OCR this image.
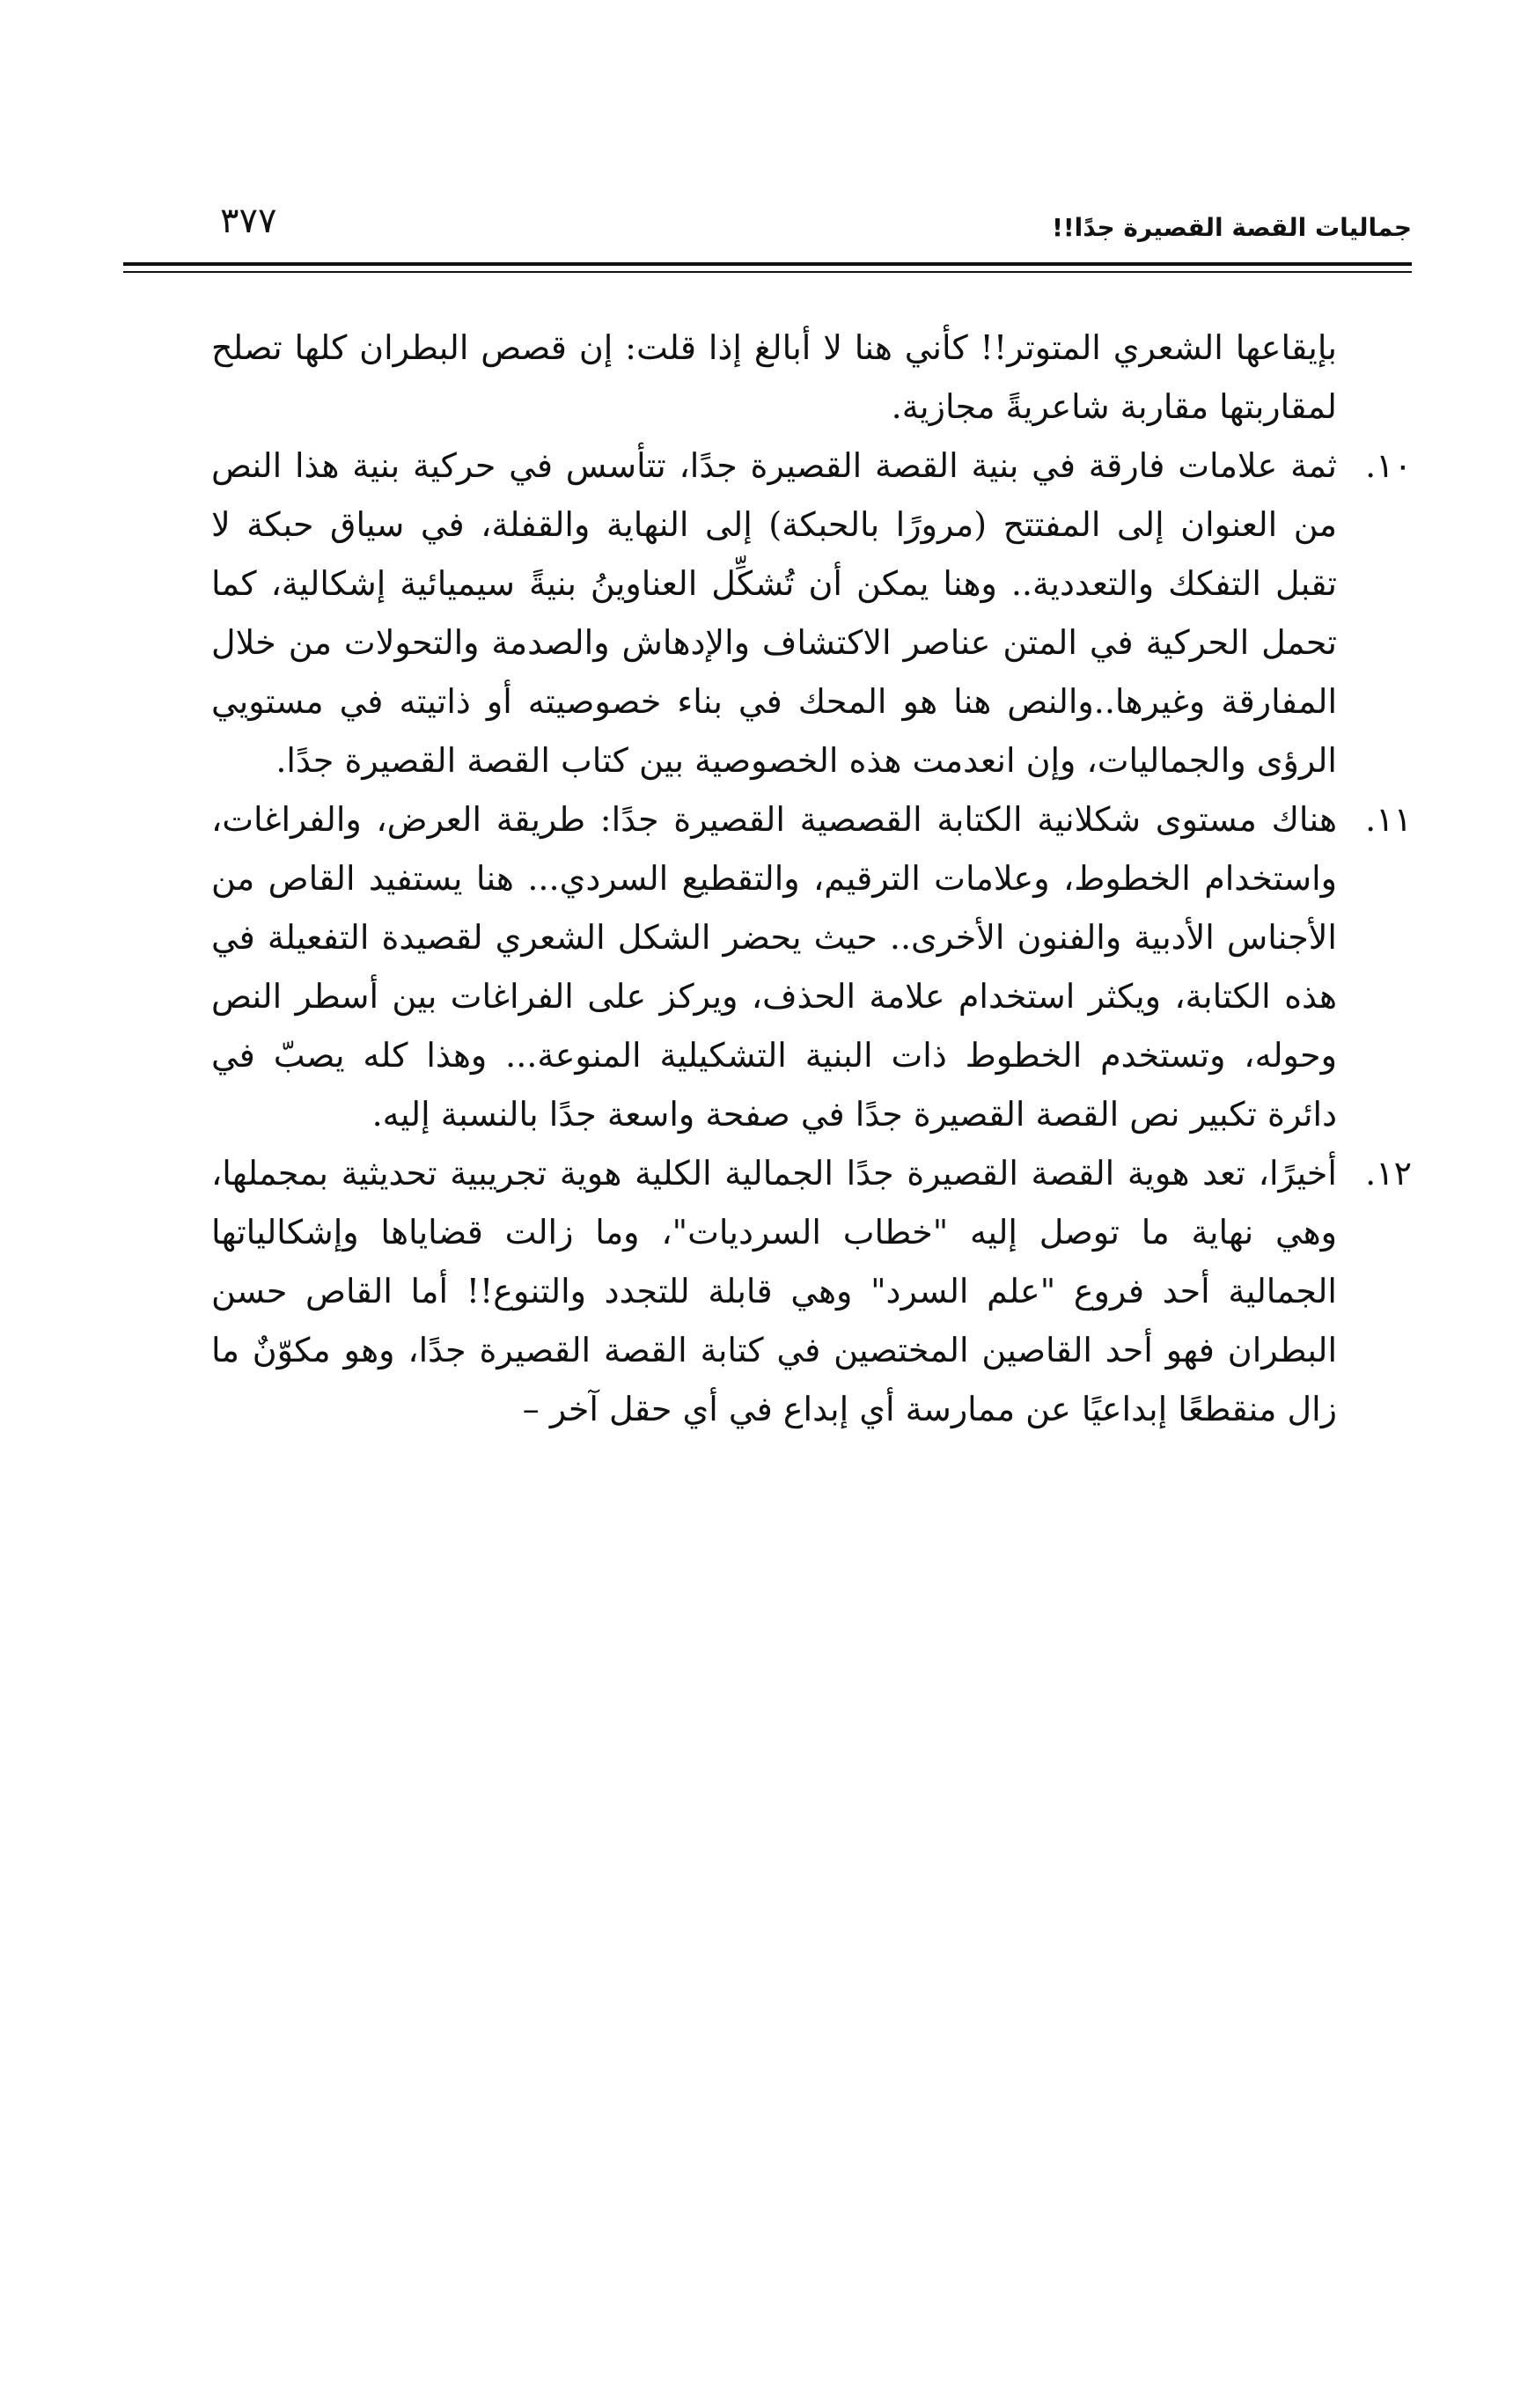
جماليات القصة القصيرة جدًا!!
٣٧٧

بإيقاعها الشعري المتوتر!! كأني هنا لا أبالغ إذا قلت: إن قصص البطران كلها تصلح لمقاربتها مقاربة شاعريةً مجازية.

١٠.

ثمة علامات فارقة في بنية القصة القصيرة جدًا، تتأسس في حركية بنية هذا النص من العنوان إلى المفتتح (مرورًا بالحبكة) إلى النهاية والقفلة، في سياق حبكة لا تقبل التفكك والتعددية.. وهنا يمكن أن تُشكِّل العناوينُ بنيةً سيميائية إشكالية، كما تحمل الحركية في المتن عناصر الاكتشاف والإدهاش والصدمة والتحولات من خلال المفارقة وغيرها..والنص هنا هو المحك في بناء خصوصيته أو ذاتيته في مستويي الرؤى والجماليات، وإن انعدمت هذه الخصوصية بين كتاب القصة القصيرة جدًا.

١١.

هناك مستوى شكلانية الكتابة القصصية القصيرة جدًا: طريقة العرض، والفراغات، واستخدام الخطوط، وعلامات الترقيم، والتقطيع السردي... هنا يستفيد القاص من الأجناس الأدبية والفنون الأخرى.. حيث يحضر الشكل الشعري لقصيدة التفعيلة في هذه الكتابة، ويكثر استخدام علامة الحذف، ويركز على الفراغات بين أسطر النص وحوله، وتستخدم الخطوط ذات البنية التشكيلية المنوعة... وهذا كله يصبّ في دائرة تكبير نص القصة القصيرة جدًا في صفحة واسعة جدًا بالنسبة إليه.

١٢.

أخيرًا، تعد هوية القصة القصيرة جدًا الجمالية الكلية هوية تجريبية تحديثية بمجملها، وهي نهاية ما توصل إليه "خطاب السرديات"، وما زالت قضاياها وإشكالياتها الجمالية أحد فروع "علم السرد" وهي قابلة للتجدد والتنوع!! أما القاص حسن البطران فهو أحد القاصين المختصين في كتابة القصة القصيرة جدًا، وهو مكوّنٌ ما زال منقطعًا إبداعيًا عن ممارسة أي إبداع في أي حقل آخر –
